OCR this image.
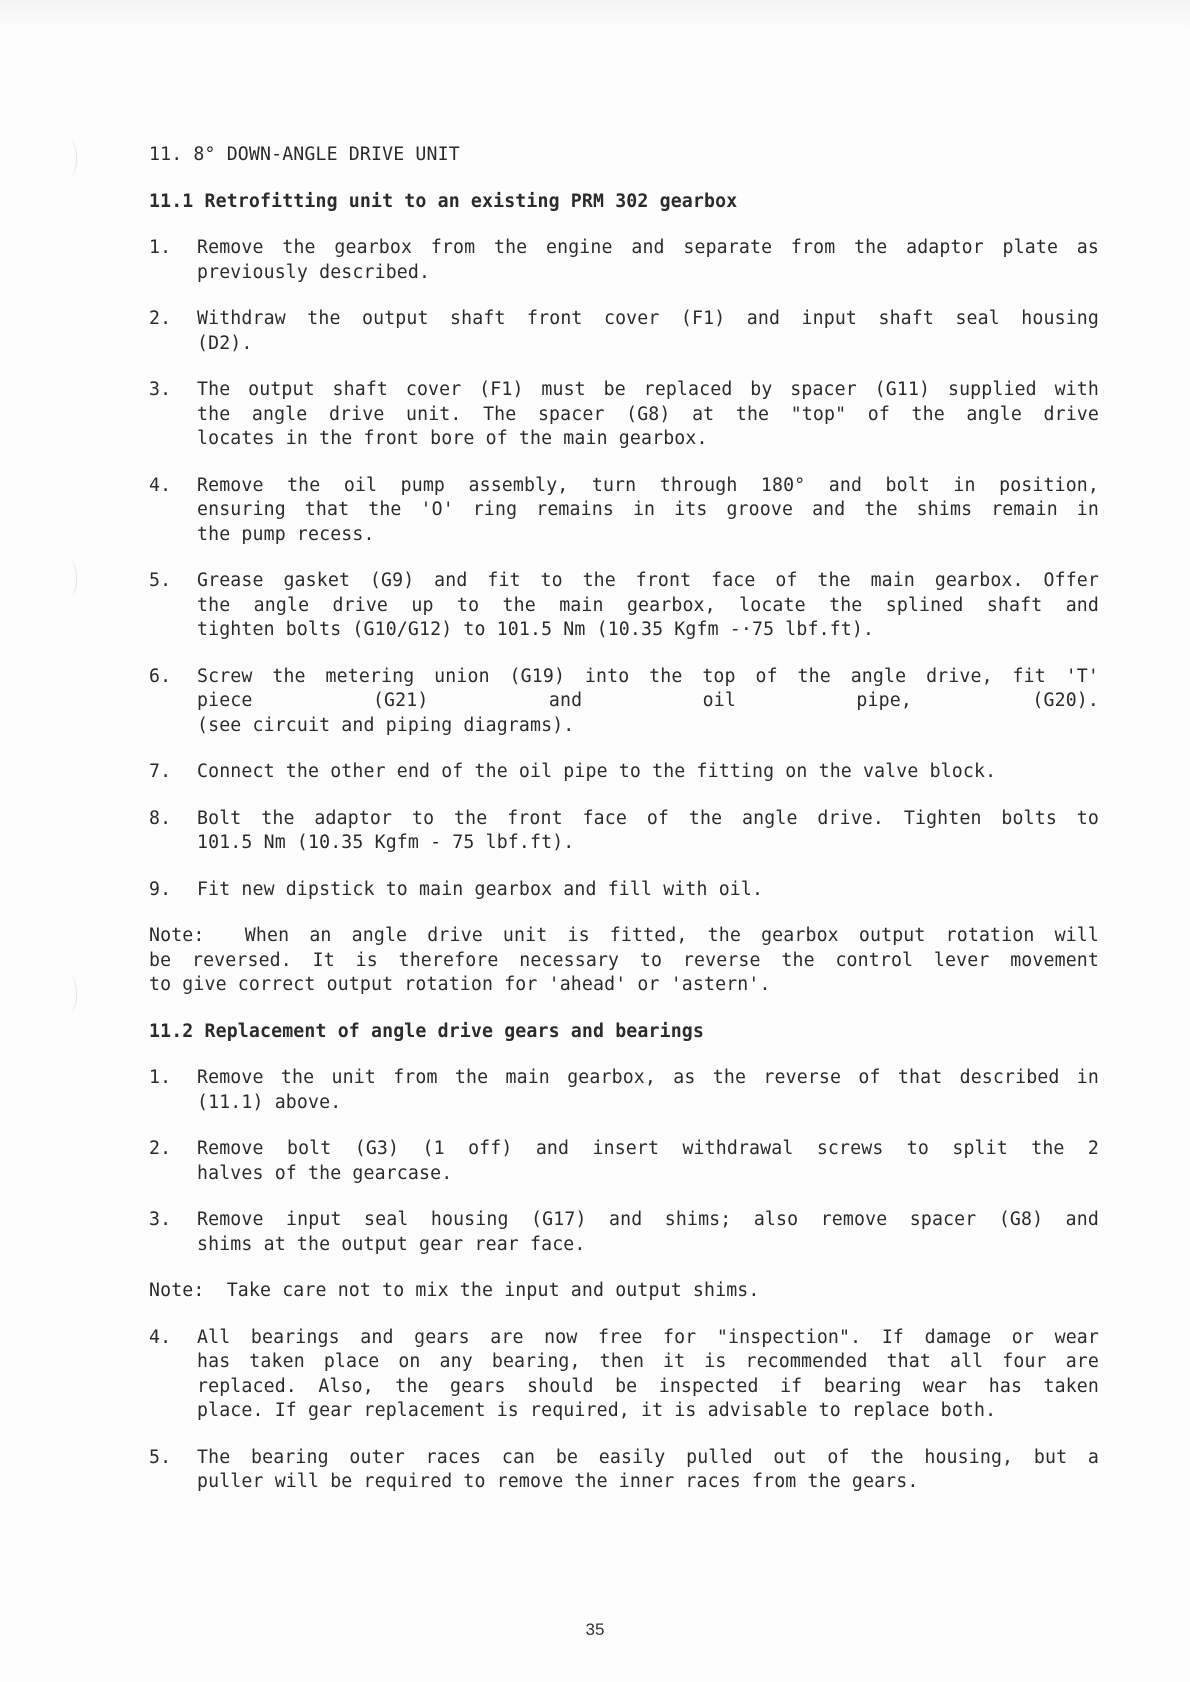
11. 8° DOWN-ANGLE DRIVE UNIT
11.1 Retrofitting unit to an existing PRM 302 gearbox
1.	Remove the gearbox from the engine and separate from the adaptor plate as
previously described.
2.	Withdraw the output shaft front cover (F1) and input shaft seal housing
(D2).
3.	The output shaft cover (F1) must be replaced by spacer (G11) supplied with
the angle drive unit. The spacer (G8) at the "top" of the angle drive
locates in the front bore of the main gearbox.
4.	Remove the oil pump assembly, turn through 180° and bolt in position,
ensuring that the 'O' ring remains in its groove and the shims remain in
the pump recess.
5.	Grease gasket (G9) and fit to the front face of the main gearbox. Offer
the angle drive up to the main gearbox, locate the splined shaft and
tighten bolts (G10/G12) to 101.5 Nm (10.35 Kgfm -·75 lbf.ft).
6.	Screw the metering union (G19) into the top of the angle drive, fit 'T'
piece (G21) and oil pipe, (G20).
(see circuit and piping diagrams).
7.	Connect the other end of the oil pipe to the fitting on the valve block.
8.	Bolt the adaptor to the front face of the angle drive. Tighten bolts to
101.5 Nm (10.35 Kgfm - 75 lbf.ft).
9.	Fit new dipstick to main gearbox and fill with oil.
Note:  When an angle drive unit is fitted, the gearbox output rotation will
be reversed. It is therefore necessary to reverse the control lever movement
to give correct output rotation for 'ahead' or 'astern'.
11.2 Replacement of angle drive gears and bearings
1.	Remove the unit from the main gearbox, as the reverse of that described in
(11.1) above.
2.	Remove bolt (G3) (1 off) and insert withdrawal screws to split the 2
halves of the gearcase.
3.	Remove input seal housing (G17) and shims; also remove spacer (G8) and
shims at the output gear rear face.
Note:  Take care not to mix the input and output shims.
4.	All bearings and gears are now free for "inspection". If damage or wear
has taken place on any bearing, then it is recommended that all four are
replaced. Also, the gears should be inspected if bearing wear has taken
place. If gear replacement is required, it is advisable to replace both.
5.	The bearing outer races can be easily pulled out of the housing, but a
puller will be required to remove the inner races from the gears.
35
